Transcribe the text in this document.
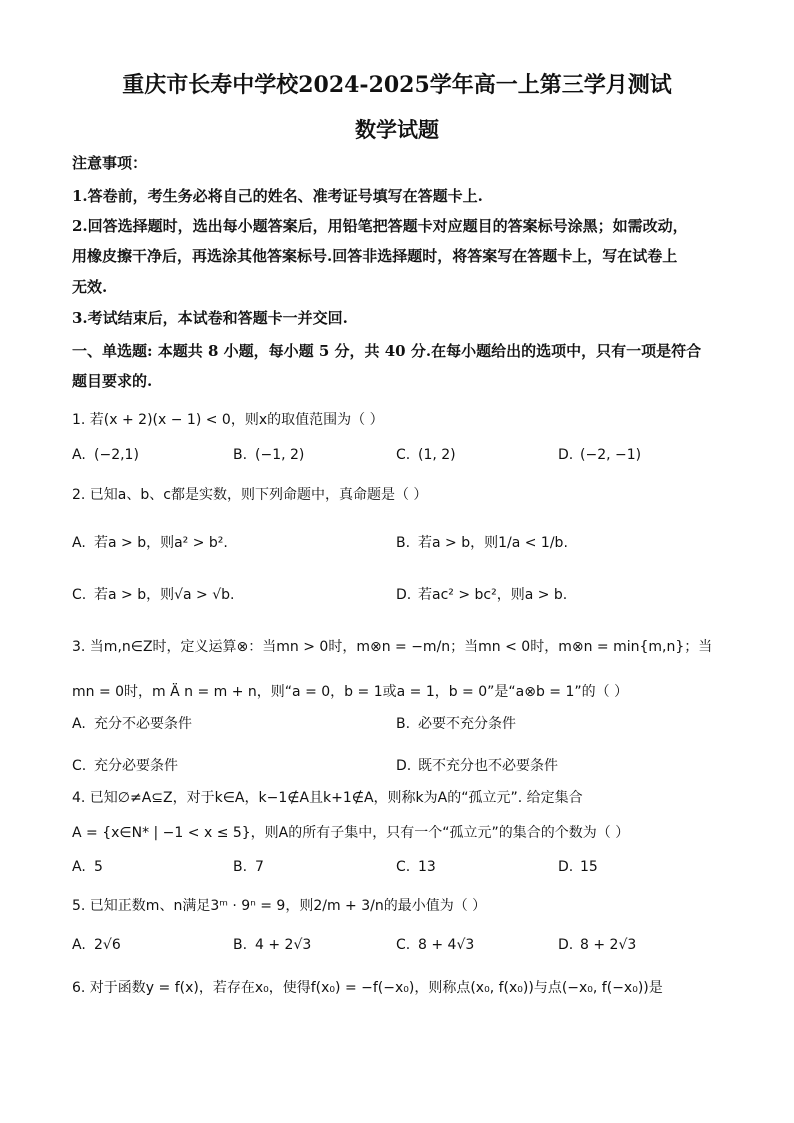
重庆市长寿中学校2024-2025学年高一上第三学月测试
数学试题
注意事项：
1.答卷前，考生务必将自己的姓名、准考证号填写在答题卡上.
2.回答选择题时，选出每小题答案后，用铅笔把答题卡对应题目的答案标号涂黑；如需改动，
用橡皮擦干净后，再选涂其他答案标号.回答非选择题时，将答案写在答题卡上，写在试卷上
无效.
3.考试结束后，本试卷和答题卡一并交回.
一、单选题: 本题共 8 小题，每小题 5 分，共 40 分.在每小题给出的选项中，只有一项是符合
题目要求的.
1. 若(x + 2)(x − 1) < 0，则x的取值范围为（ ）
A. (−2,1)	B. (−1, 2)	C. (1, 2)	D. (−2, −1)
2. 已知a、b、c都是实数，则下列命题中，真命题是（ ）
A. 若a > b，则a² > b².	B. 若a > b，则1/a < 1/b.
C. 若a > b，则√a > √b.	D. 若ac² > bc²，则a > b.
3. 当m,n∈Z时，定义运算⊗：当mn > 0时，m⊗n = −m/n；当mn < 0时，m⊗n = min{m,n}；当
mn = 0时，m Ä n = m + n，则“a = 0，b = 1或a = 1，b = 0”是“a⊗b = 1”的（ ）
A. 充分不必要条件	B. 必要不充分条件
C. 充分必要条件	D. 既不充分也不必要条件
4. 已知∅≠A⊆Z，对于k∈A，k−1∉A且k+1∉A，则称k为A的“孤立元”. 给定集合
A = {x∈N* | −1 < x ≤ 5}，则A的所有子集中，只有一个“孤立元”的集合的个数为（ ）
A. 5	B. 7	C. 13	D. 15
5. 已知正数m、n满足3ᵐ · 9ⁿ = 9，则2/m + 3/n的最小值为（ ）
A. 2√6	B. 4 + 2√3	C. 8 + 4√3	D. 8 + 2√3
6. 对于函数y = f(x)，若存在x₀，使得f(x₀) = −f(−x₀)，则称点(x₀, f(x₀))与点(−x₀, f(−x₀))是
